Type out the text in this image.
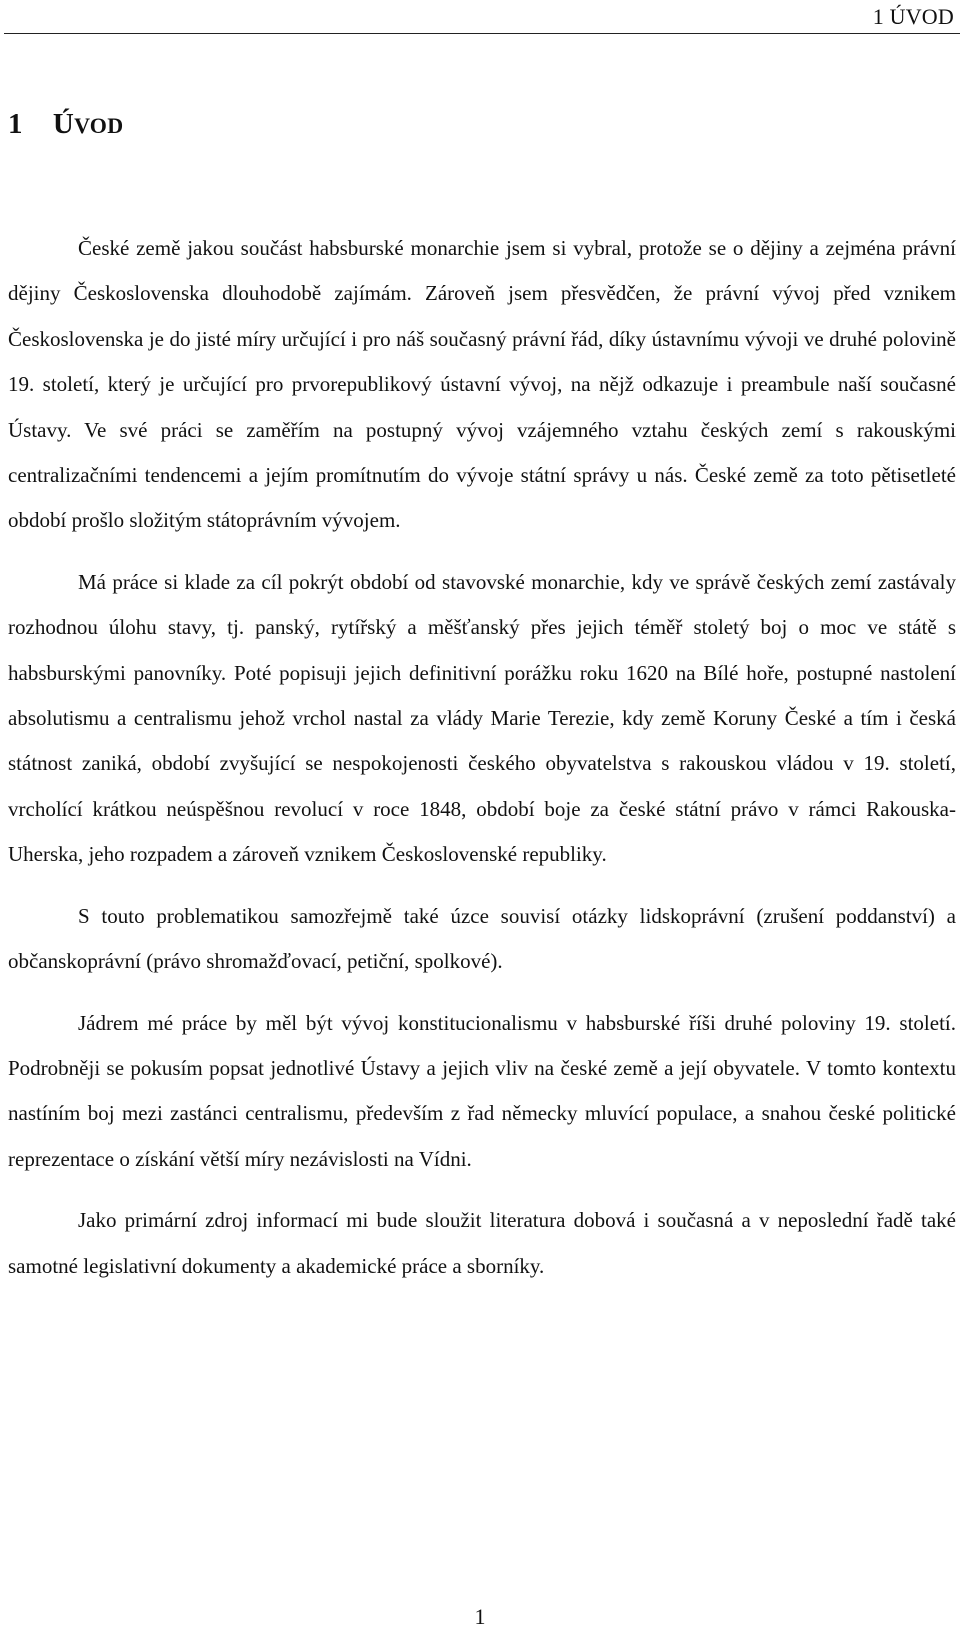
1 ÚVOD
1 ÚVOD

České země jakou součást habsburské monarchie jsem si vybral, protože se o dějiny a zejména právní dějiny Československa dlouhodobě zajímám. Zároveň jsem přesvědčen, že právní vývoj před vznikem Československa je do jisté míry určující i pro náš současný právní řád, díky ústavnímu vývoji ve druhé polovině 19. století, který je určující pro prvorepublikový ústavní vývoj, na nějž odkazuje i preambule naší současné Ústavy. Ve své práci se zaměřím na postupný vývoj vzájemného vztahu českých zemí s rakouskými centralizačními tendencemi a jejím promítnutím do vývoje státní správy u nás. České země za toto pětisetleté období prošlo složitým státoprávním vývojem.

Má práce si klade za cíl pokrýt období od stavovské monarchie, kdy ve správě českých zemí zastávaly rozhodnou úlohu stavy, tj. panský, rytířský a měšťanský přes jejich téměř stoletý boj o moc ve státě s habsburskými panovníky. Poté popisuji jejich definitivní porážku roku 1620 na Bílé hoře, postupné nastolení absolutismu a centralismu jehož vrchol nastal za vlády Marie Terezie, kdy země Koruny České a tím i česká státnost zaniká, období zvyšující se nespokojenosti českého obyvatelstva s rakouskou vládou v 19. století, vrcholící krátkou neúspěšnou revolucí v roce 1848, období boje za české státní právo v rámci Rakouska-Uherska, jeho rozpadem a zároveň vznikem Československé republiky.

S touto problematikou samozřejmě také úzce souvisí otázky lidskoprávní (zrušení poddanství) a občanskoprávní (právo shromažďovací, petiční, spolkové).

Jádrem mé práce by měl být vývoj konstitucionalismu v habsburské říši druhé poloviny 19. století. Podrobněji se pokusím popsat jednotlivé Ústavy a jejich vliv na české země a její obyvatele. V tomto kontextu nastíním boj mezi zastánci centralismu, především z řad německy mluvící populace, a snahou české politické reprezentace o získání větší míry nezávislosti na Vídni.

Jako primární zdroj informací mi bude sloužit literatura dobová i současná a v neposlední řadě také samotné legislativní dokumenty a akademické práce a sborníky.

1
